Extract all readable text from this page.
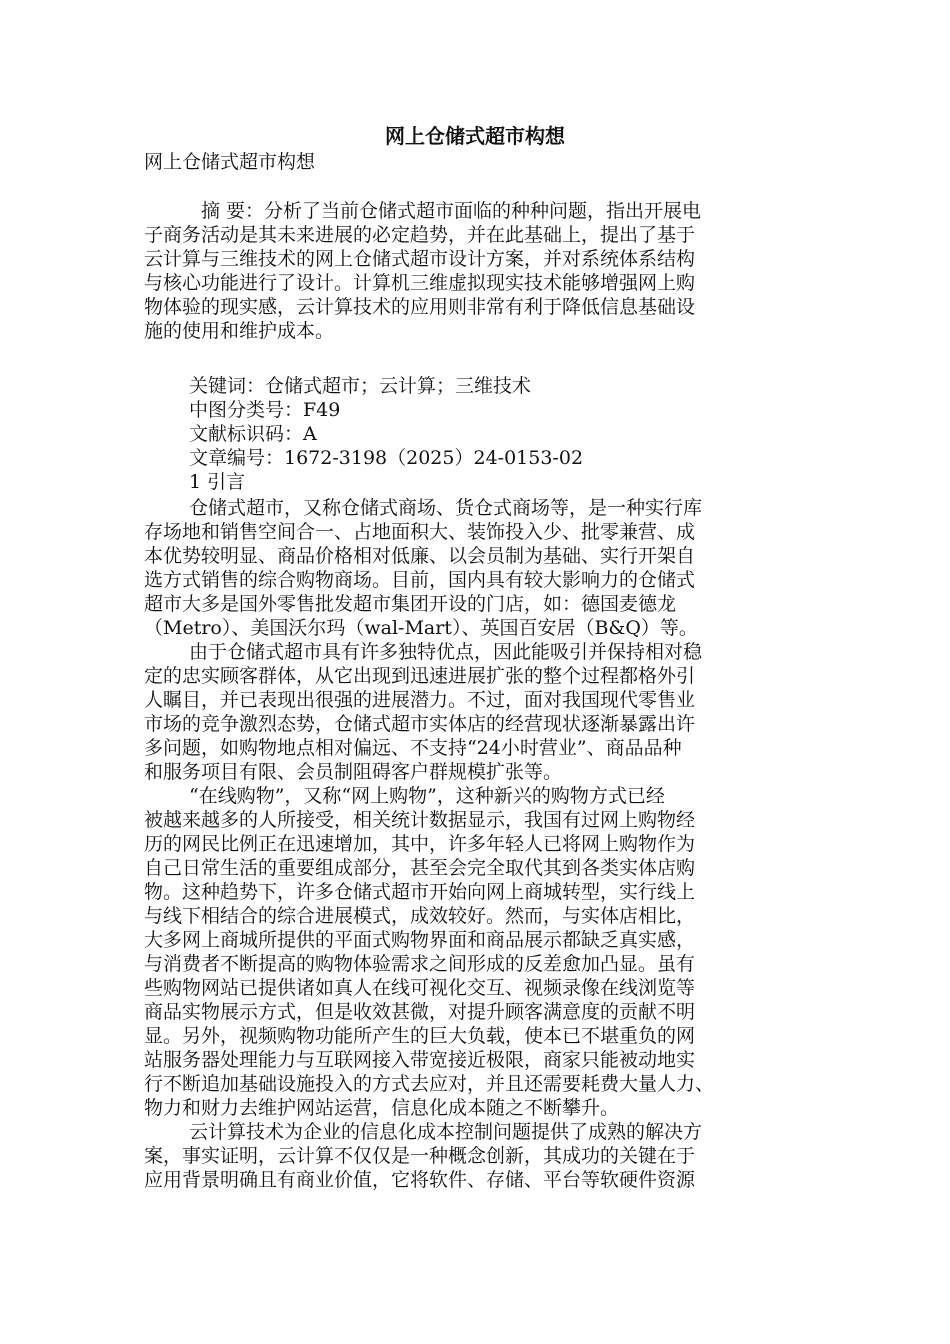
网上仓储式超市构想
网上仓储式超市构想
摘 要：分析了当前仓储式超市面临的种种问题，指出开展电
子商务活动是其未来进展的必定趋势，并在此基础上，提出了基于
云计算与三维技术的网上仓储式超市设计方案，并对系统体系结构
与核心功能进行了设计。计算机三维虚拟现实技术能够增强网上购
物体验的现实感，云计算技术的应用则非常有利于降低信息基础设
施的使用和维护成本。
关键词：仓储式超市；云计算；三维技术
中图分类号：F49
文献标识码：A
文章编号：1672-3198（2025）24-0153-02
1 引言
仓储式超市，又称仓储式商场、货仓式商场等，是一种实行库
存场地和销售空间合一、占地面积大、装饰投入少、批零兼营、成
本优势较明显、商品价格相对低廉、以会员制为基础、实行开架自
选方式销售的综合购物商场。目前，国内具有较大影响力的仓储式
超市大多是国外零售批发超市集团开设的门店，如：德国麦德龙
（Metro）、美国沃尔玛（wal-Mart）、英国百安居（B&Q）等。
由于仓储式超市具有许多独特优点，因此能吸引并保持相对稳
定的忠实顾客群体，从它出现到迅速进展扩张的整个过程都格外引
人瞩目，并已表现出很强的进展潜力。不过，面对我国现代零售业
市场的竞争激烈态势，仓储式超市实体店的经营现状逐渐暴露出许
多问题，如购物地点相对偏远、不支持“24小时营业”、商品品种
和服务项目有限、会员制阻碍客户群规模扩张等。
“在线购物”，又称“网上购物”，这种新兴的购物方式已经
被越来越多的人所接受，相关统计数据显示，我国有过网上购物经
历的网民比例正在迅速增加，其中，许多年轻人已将网上购物作为
自己日常生活的重要组成部分，甚至会完全取代其到各类实体店购
物。这种趋势下，许多仓储式超市开始向网上商城转型，实行线上
与线下相结合的综合进展模式，成效较好。然而，与实体店相比，
大多网上商城所提供的平面式购物界面和商品展示都缺乏真实感，
与消费者不断提高的购物体验需求之间形成的反差愈加凸显。虽有
些购物网站已提供诸如真人在线可视化交互、视频录像在线浏览等
商品实物展示方式，但是收效甚微，对提升顾客满意度的贡献不明
显。另外，视频购物功能所产生的巨大负载，使本已不堪重负的网
站服务器处理能力与互联网接入带宽接近极限，商家只能被动地实
行不断追加基础设施投入的方式去应对，并且还需要耗费大量人力、
物力和财力去维护网站运营，信息化成本随之不断攀升。
云计算技术为企业的信息化成本控制问题提供了成熟的解决方
案，事实证明，云计算不仅仅是一种概念创新，其成功的关键在于
应用背景明确且有商业价值，它将软件、存储、平台等软硬件资源
